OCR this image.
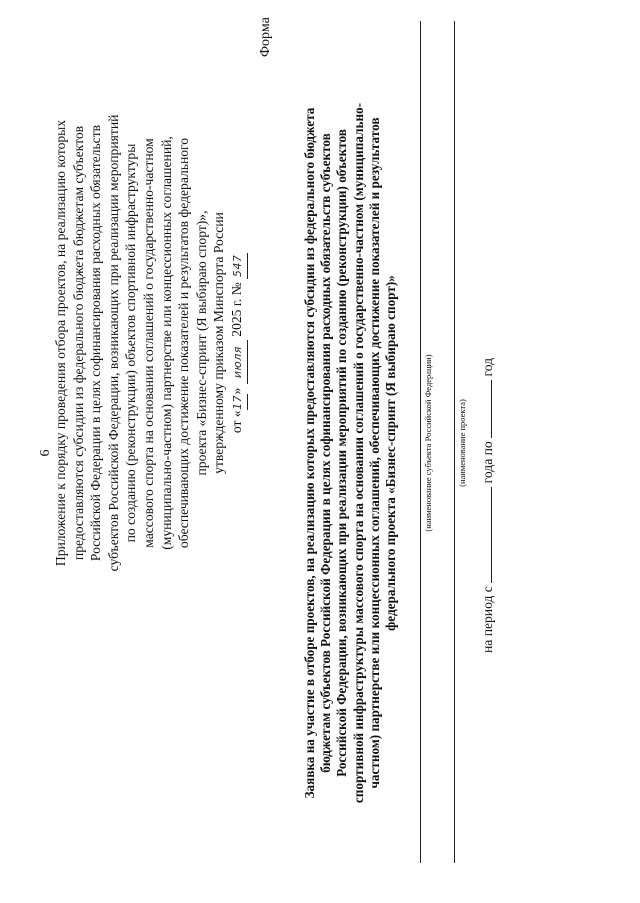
6 Приложение к порядку проведения отбора проектов, на реализацию которых предоставляются субсидии из федерального бюджета бюджетам субъектов Российской Федерации в целях софинансирования расходных обязательств субъектов Российской Федерации, возникающих при реализации мероприятий по созданию (реконструкции) объектов спортивной инфраструктуры массового спорта на основании соглашений о государственно-частном (муниципально-частном) партнерстве или концессионных соглашений, обеспечивающих достижение показателей и результатов федерального проекта «Бизнес-спринт (Я выбираю спорт)», утвержденному приказом Минспорта России от «17» июля 2025 г. № 547
Форма
Заявка на участие в отборе проектов, на реализацию которых предоставляются субсидии из федерального бюджета бюджетам субъектов Российской Федерации в целях софинансирования расходных обязательств субъектов Российской Федерации, возникающих при реализации мероприятий по созданию (реконструкции) объектов спортивной инфраструктуры массового спорта на основании соглашений о государственно-частном (муниципально- частном) партнерстве или концессионных соглашений, обеспечивающих достижение показателей и результатов федерального проекта «Бизнес-спринт (Я выбираю спорт)»	(наименование субъекта Российской Федерации)	(наименование проекта)
на период с  года по  год
